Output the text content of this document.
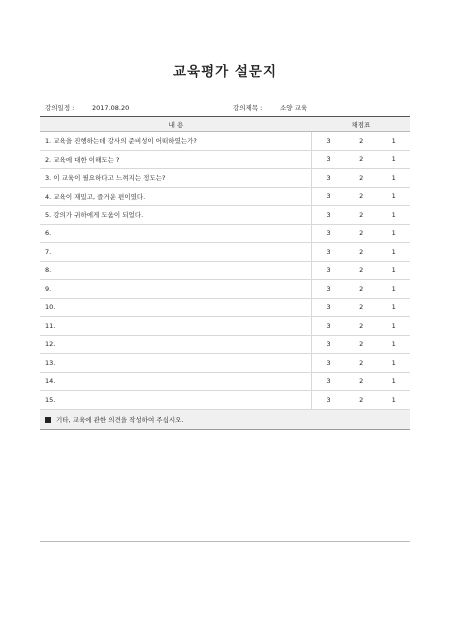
교육평가 설문지
강의일정 :	2017.08.20	강의제목 :	소양 교육
내 용	채점표		
1. 교육을 진행하는데 강사의 준비성이 어떠하였는가?	3	2	1
2. 교육에 대한 이해도는 ?	3	2	1
3. 이 교육이 필요하다고 느껴지는 정도는?	3	2	1
4. 교육이 재밌고, 즐거운 편이였다.	3	2	1
5. 강의가 귀하에게 도움이 되었다.	3	2	1
6.	3	2	1
7.	3	2	1
8.	3	2	1
9.	3	2	1
10.	3	2	1
11.	3	2	1
12.	3	2	1
13.	3	2	1
14.	3	2	1
15.	3	2	1
기타, 교육에 관한 의견을 작성하여 주십시오.			
